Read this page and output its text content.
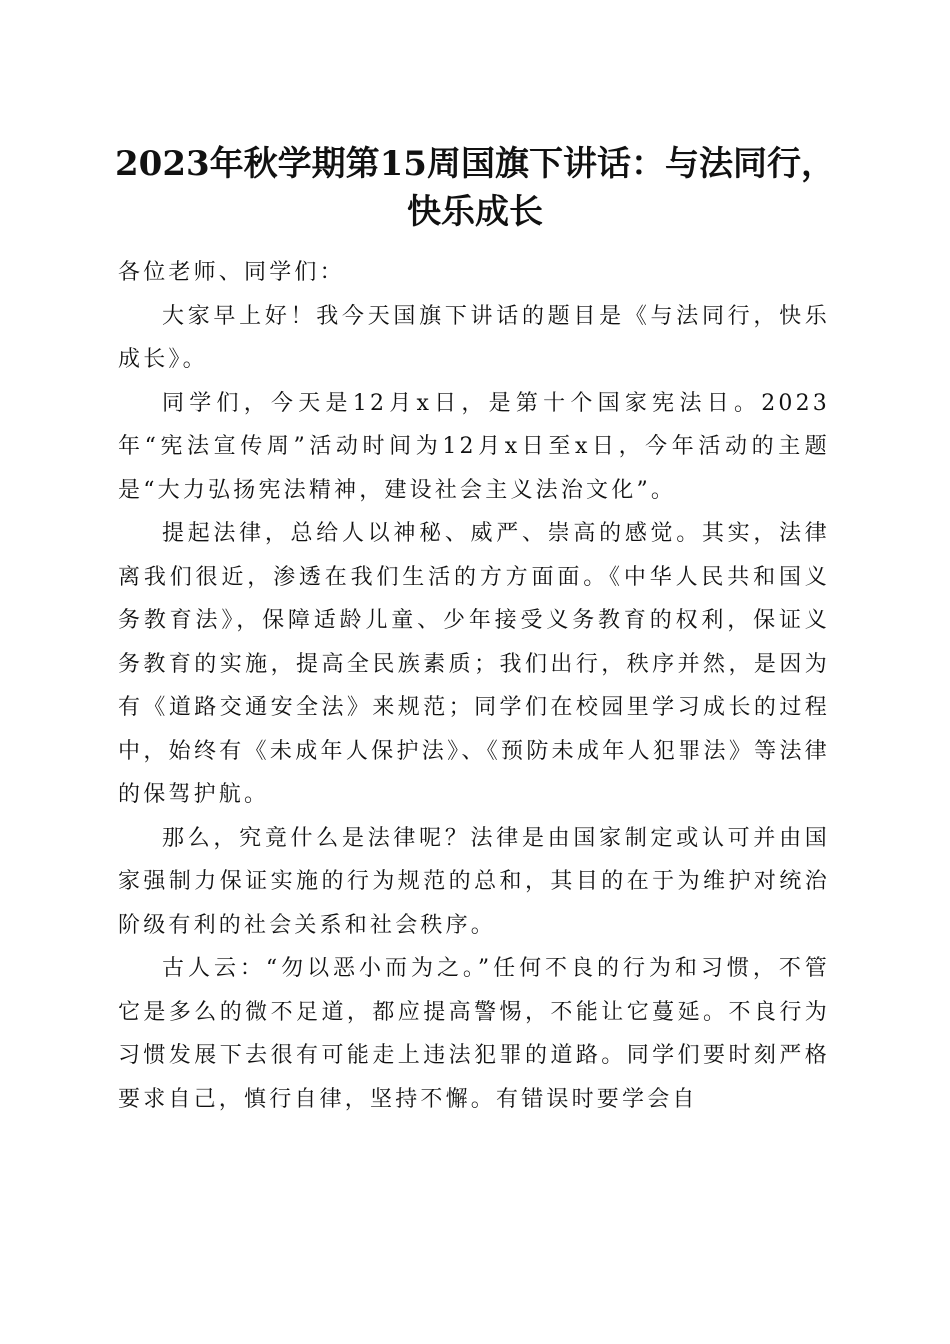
2023年秋学期第15周国旗下讲话：与法同行，
快乐成长

各位老师、同学们：

大家早上好！我今天国旗下讲话的题目是《与法同行，快乐成长》。

同学们，今天是12月x日，是第十个国家宪法日。2023年“宪法宣传周”活动时间为12月x日至x日，今年活动的主题是“大力弘扬宪法精神，建设社会主义法治文化”。

提起法律，总给人以神秘、威严、崇高的感觉。其实，法律离我们很近，渗透在我们生活的方方面面。《中华人民共和国义务教育法》，保障适龄儿童、少年接受义务教育的权利，保证义务教育的实施，提高全民族素质；我们出行，秩序并然，是因为有《道路交通安全法》来规范；同学们在校园里学习成长的过程中，始终有《未成年人保护法》、《预防未成年人犯罪法》等法律的保驾护航。

那么，究竟什么是法律呢？法律是由国家制定或认可并由国家强制力保证实施的行为规范的总和，其目的在于为维护对统治阶级有利的社会关系和社会秩序。

古人云：“勿以恶小而为之。”任何不良的行为和习惯，不管它是多么的微不足道，都应提高警惕，不能让它蔓延。不良行为习惯发展下去很有可能走上违法犯罪的道路。同学们要时刻严格要求自己，慎行自律，坚持不懈。有错误时要学会自
